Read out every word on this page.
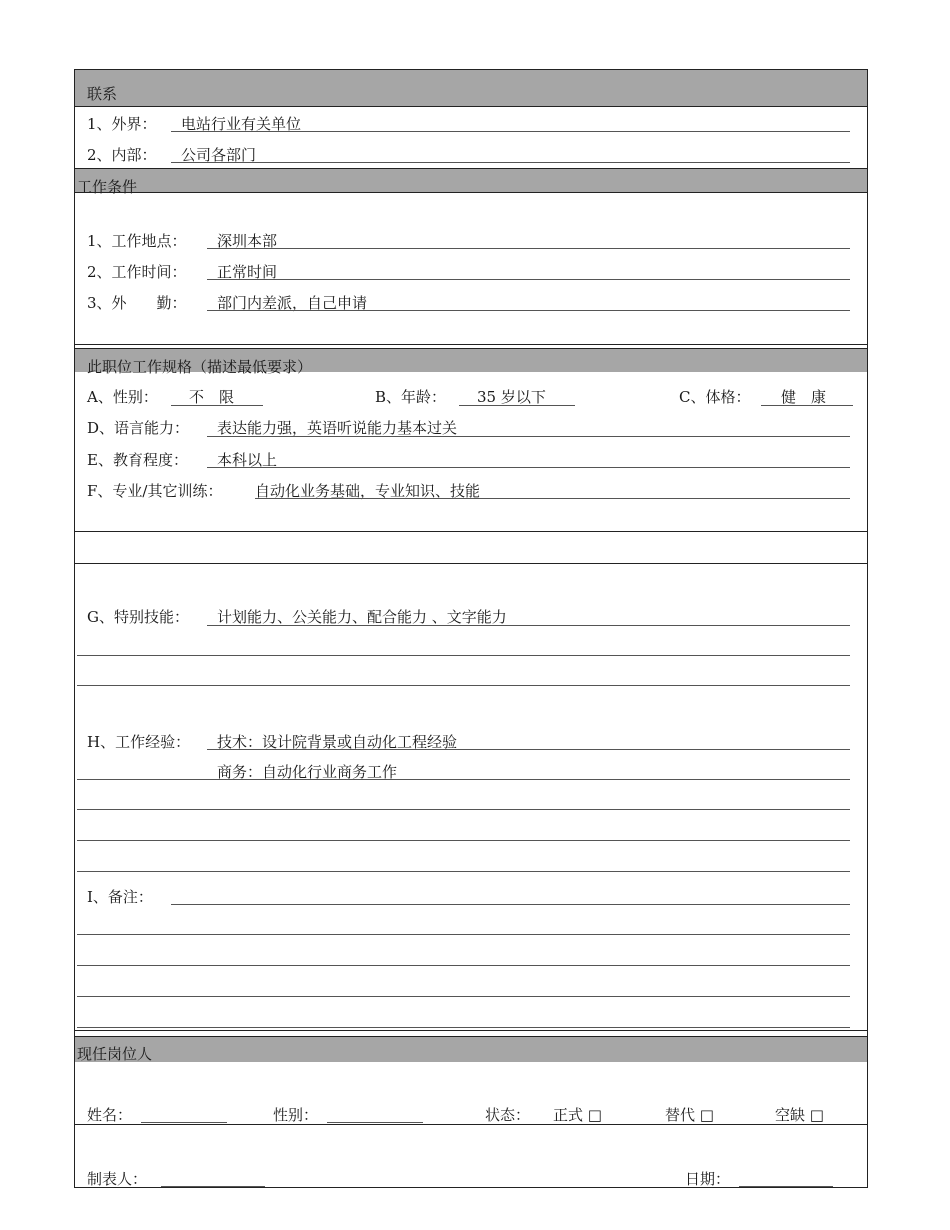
联系
1、外界： 电站行业有关单位
2、内部： 公司各部门
工作条件
1、工作地点： 深圳本部
2、工作时间： 正常时间
3、外　　勤： 部门内差派，自己申请
此职位工作规格（描述最低要求）
A、性别： 不　限	B、年龄： 35 岁以下	C、体格： 健　康
D、语言能力： 表达能力强，英语听说能力基本过关
E、教育程度： 本科以上
F、专业/其它训练： 自动化业务基础，专业知识、技能
G、特别技能： 计划能力、公关能力、配合能力 、文字能力
H、工作经验： 技术：设计院背景或自动化工程经验
商务：自动化行业商务工作
I、备注：
现任岗位人
姓名：	性别：	状态： 正式 □	替代 □	空缺 □
制表人：	日期：
